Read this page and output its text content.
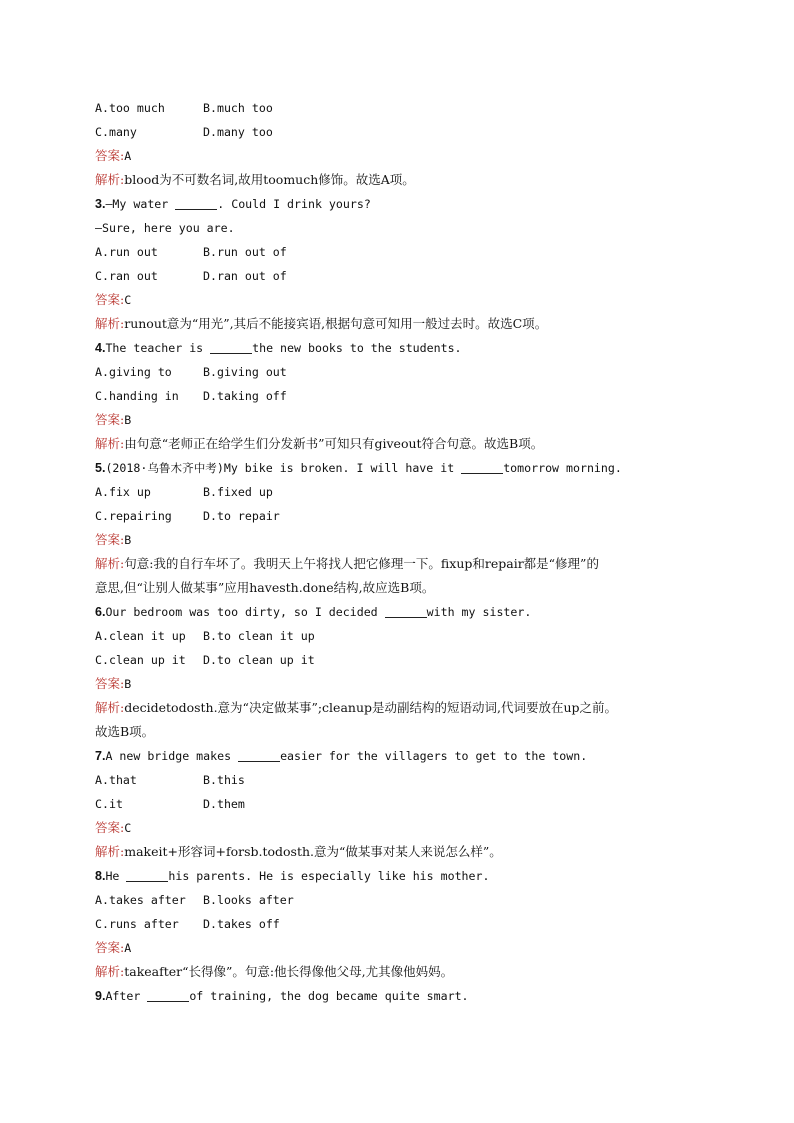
A.too much	B.much too
C.many	D.many too
答案:A
解析:blood为不可数名词,故用toomuch修饰。故选A项。
3.—My water	. Could I drink yours?
—Sure, here you are.
A.run out	B.run out of
C.ran out	D.ran out of
答案:C
解析:runout意为“用光”,其后不能接宾语,根据句意可知用一般过去时。故选C项。
4.The teacher is	the new books to the students.
A.giving to	B.giving out
C.handing in D.taking off
答案:B
解析:由句意“老师正在给学生们分发新书”可知只有giveout符合句意。故选B项。
5.(2018·乌鲁木齐中考)My bike is broken. I will have it	tomorrow morning.
A.fix up	B.fixed up
C.repairing	D.to repair
答案:B
解析:句意:我的自行车坏了。我明天上午将找人把它修理一下。fixup和repair都是“修理”的
意思,但“让别人做某事”应用havesth.done结构,故应选B项。
6.Our bedroom was too dirty, so I decided	with my sister.
A.clean it up B.to clean it up
C.clean up it D.to clean up it
答案:B
解析:decidetodosth.意为“决定做某事”;cleanup是动副结构的短语动词,代词要放在up之前。
故选B项。
7.A new bridge makes	easier for the villagers to get to the town.
A.that	B.this
C.it	D.them
答案:C
解析:makeit+形容词+forsb.todosth.意为“做某事对某人来说怎么样”。
8.He	his parents. He is especially like his mother.
A.takes after B.looks after
C.runs after D.takes off
答案:A
解析:takeafter“长得像”。句意:他长得像他父母,尤其像他妈妈。
9.After	of training, the dog became quite smart.
